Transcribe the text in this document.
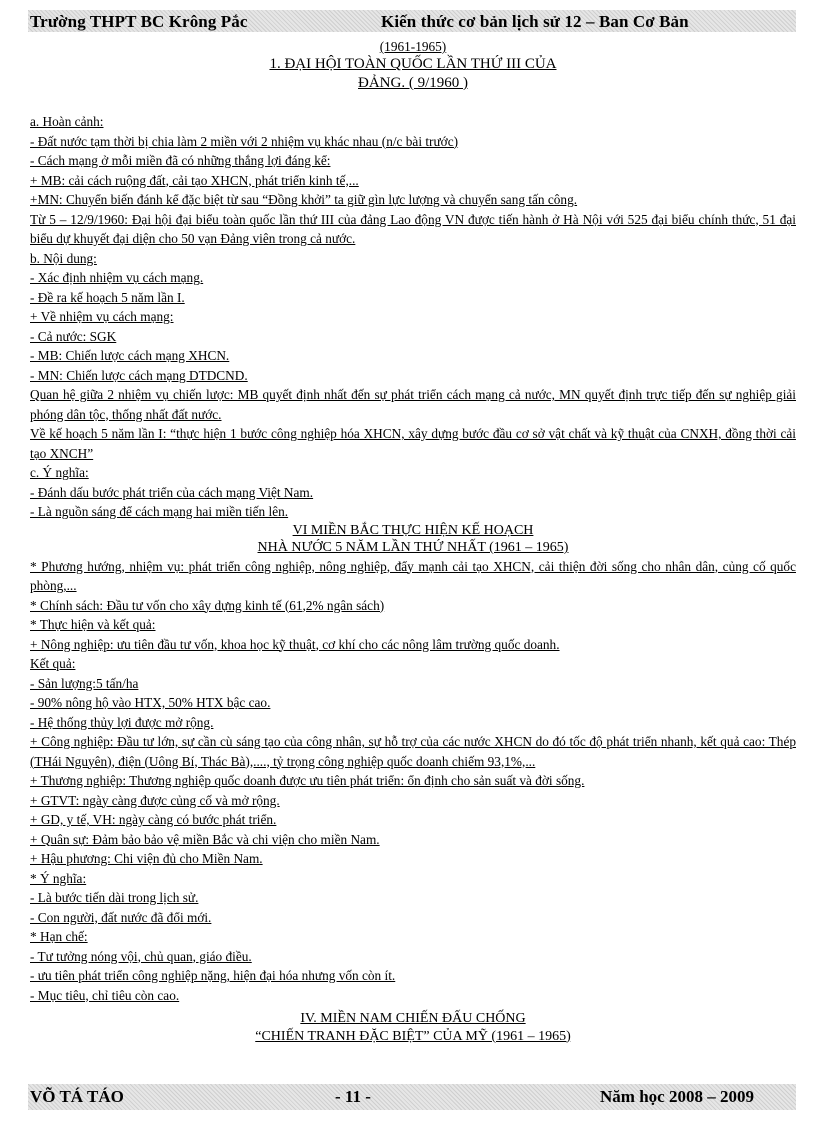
Trường THPT BC Krông Pắc	Kiến thức cơ bản lịch sử 12 – Ban Cơ Bản
(1961-1965)
1. ĐẠI HỘI TOÀN QUỐC LẦN THỨ III CỦA
ĐẢNG. ( 9/1960 )
a. Hoàn cảnh:
- Đất nước tạm thời bị chia làm 2 miền với 2 nhiệm vụ khác nhau (n/c bài trước)
- Cách mạng ở mỗi miền đã có những thắng lợi đáng kể:
+ MB: cải cách ruộng đất, cải tạo XHCN, phát triển kinh tế,...
+MN: Chuyển biến đánh kể đặc biệt từ sau “Đồng khởi” ta giữ gìn lực lượng và chuyển sang tấn công.
Từ 5 – 12/9/1960: Đại hội đại biểu toàn quốc lần thứ III của đảng Lao động VN được tiến hành ở Hà Nội với 525 đại biểu chính thức, 51 đại biểu dự khuyết đại diện cho 50 vạn Đảng viên trong cả nước.
b. Nội dung:
- Xác định nhiệm vụ cách mạng.
- Đề ra kế hoạch 5 năm lần I.
+ Về nhiệm vụ cách mạng:
- Cả nước: SGK
- MB: Chiến lược cách mạng XHCN.
- MN: Chiến lược cách mạng DTDCND.
Quan hệ giữa 2 nhiệm vụ chiến lược: MB quyết định nhất đến sự phát triển cách mạng cả nước, MN quyết định trực tiếp đến sự nghiệp giải phóng dân tộc, thống nhất đất nước.
Về kế hoạch 5 năm lần I: “thực hiện 1 bước công nghiệp hóa XHCN, xây dựng bước đầu cơ sở vật chất và kỹ thuật của CNXH, đồng thời cải tạo XNCH”
c. Ý nghĩa:
- Đánh dấu bước phát triển của cách mạng Việt Nam.
- Là nguồn sáng để cách mạng hai miền tiến lên.
VI MIỀN BẮC THỰC HIỆN KẾ HOẠCH
NHÀ NƯỚC 5 NĂM LẦN THỨ NHẤT (1961 – 1965)
* Phương hướng, nhiệm vụ: phát triển công nghiệp, nông nghiệp, đẩy mạnh cải tạo XHCN, cải thiện đời sống cho nhân dân, củng cố quốc phòng,...
* Chính sách: Đầu tư vốn cho xây dựng kinh tế (61,2% ngân sách)
* Thực hiện và kết quả:
+ Nông nghiệp: ưu tiên đầu tư vốn, khoa học kỹ thuật, cơ khí cho các nông lâm trường quốc doanh.
Kết quả:
- Sản lượng:5 tấn/ha
- 90% nông hộ vào HTX, 50% HTX bậc cao.
- Hệ thống thủy lợi được mở rộng.
+ Công nghiệp: Đầu tư lớn, sự cần cù sáng tạo của công nhân, sự hỗ trợ của các nước XHCN do đó tốc độ phát triển nhanh, kết quả cao: Thép (THái Nguyên), điện (Uông Bí, Thác Bà),...., tỷ trọng công nghiệp quốc doanh chiếm 93,1%,...
+ Thương nghiệp: Thương nghiệp quốc doanh được ưu tiên phát triển: ổn định cho sản suất và đời sống.
+ GTVT: ngày càng được củng cố và mở rộng.
+ GD, y tế, VH: ngày càng có bước phát triển.
+ Quân sự: Đảm bảo bảo vệ miền Bắc và chi viện cho miền Nam.
+ Hậu phương: Chi viện đủ cho Miền Nam.
* Ý nghĩa:
- Là bước tiến dài trong lịch sử.
- Con người, đất nước đã đổi mới.
* Hạn chế:
- Tư tưởng nóng vội, chủ quan, giáo điều.
- ưu tiên phát triển công nghiệp nặng, hiện đại hóa nhưng vốn còn ít.
- Mục tiêu, chỉ tiêu còn cao.
IV. MIỀN NAM CHIẾN ĐẤU CHỐNG
“CHIẾN TRANH ĐẶC BIỆT” CỦA MỸ (1961 – 1965)
VÕ TÁ TÁO	- 11 -	Năm học 2008 – 2009
